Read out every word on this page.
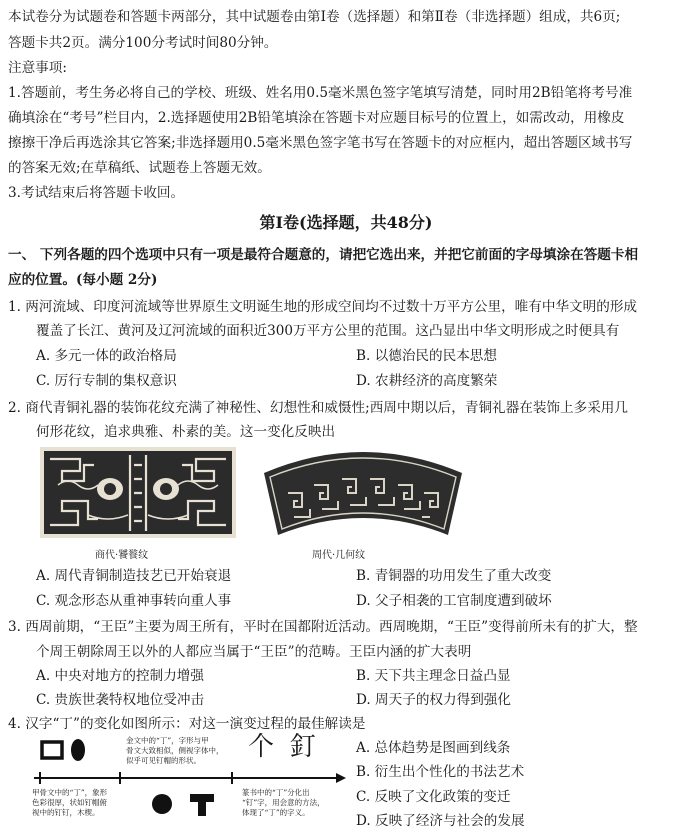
本试卷分为试题卷和答题卡两部分，其中试题卷由第Ⅰ卷（选择题）和第Ⅱ卷（非选择题）组成，共6页;
答题卡共2页。满分100分考试时间80分钟。
注意事项:
1.答题前，考生务必将自己的学校、班级、姓名用0.5毫米黑色签字笔填写清楚，同时用2B铅笔将考号准
确填涂在“考号”栏目内，2.选择题使用2B铅笔填涂在答题卡对应题目标号的位置上，如需改动，用橡皮
擦擦干净后再选涂其它答案;非选择题用0.5毫米黑色签字笔书写在答题卡的对应框内，超出答题区域书写
的答案无效;在草稿纸、试题卷上答题无效。
3.考试结束后将答题卡收回。
第Ⅰ卷(选择题，共48分)
一、 下列各题的四个选项中只有一项是最符合题意的，请把它选出来，并把它前面的字母填涂在答题卡相
应的位置。(每小题 2分)
1. 两河流域、印度河流域等世界原生文明诞生地的形成空间均不过数十万平方公里，唯有中华文明的形成
覆盖了长江、黄河及辽河流域的面积近300万平方公里的范围。这凸显出中华文明形成之时便具有
A. 多元一体的政治格局	B. 以德治民的民本思想
C. 厉行专制的集权意识	D. 农耕经济的高度繁荣
2. 商代青铜礼器的装饰花纹充满了神秘性、幻想性和威慑性;西周中期以后，青铜礼器在装饰上多采用几
何形花纹，追求典雅、朴素的美。这一变化反映出
商代·饕餮纹	周代·几何纹
A. 周代青铜制造技艺已开始衰退	B. 青铜器的功用发生了重大改变
C. 观念形态从重神事转向重人事	D. 父子相袭的工官制度遭到破坏
3. 西周前期，“王臣”主要为周王所有，平时在国都附近活动。西周晚期，“王臣”变得前所未有的扩大，整
个周王朝除周王以外的人都应当属于“王臣”的范畴。王臣内涵的扩大表明
A. 中央对地方的控制力增强	B. 天下共主理念日益凸显
C. 贵族世袭特权地位受冲击	D. 周天子的权力得到强化
4. 汉字“丁”的变化如图所示：对这一演变过程的最佳解读是
金文中的“丁”，字形与甲
骨文大致相似，侧视字体中，
似乎可见钉帽的形状。 个 釘
甲骨文中的“丁”，象形
色彩很厚，状如钉帽俯
视中的钉钉，木楔。
篆书中的“丁”分化出
“钉”字，用会意的方法，
体现了“丁”的字义。
A. 总体趋势是图画到线条
B. 衍生出个性化的书法艺术
C. 反映了文化政策的变迁
D. 反映了经济与社会的发展
